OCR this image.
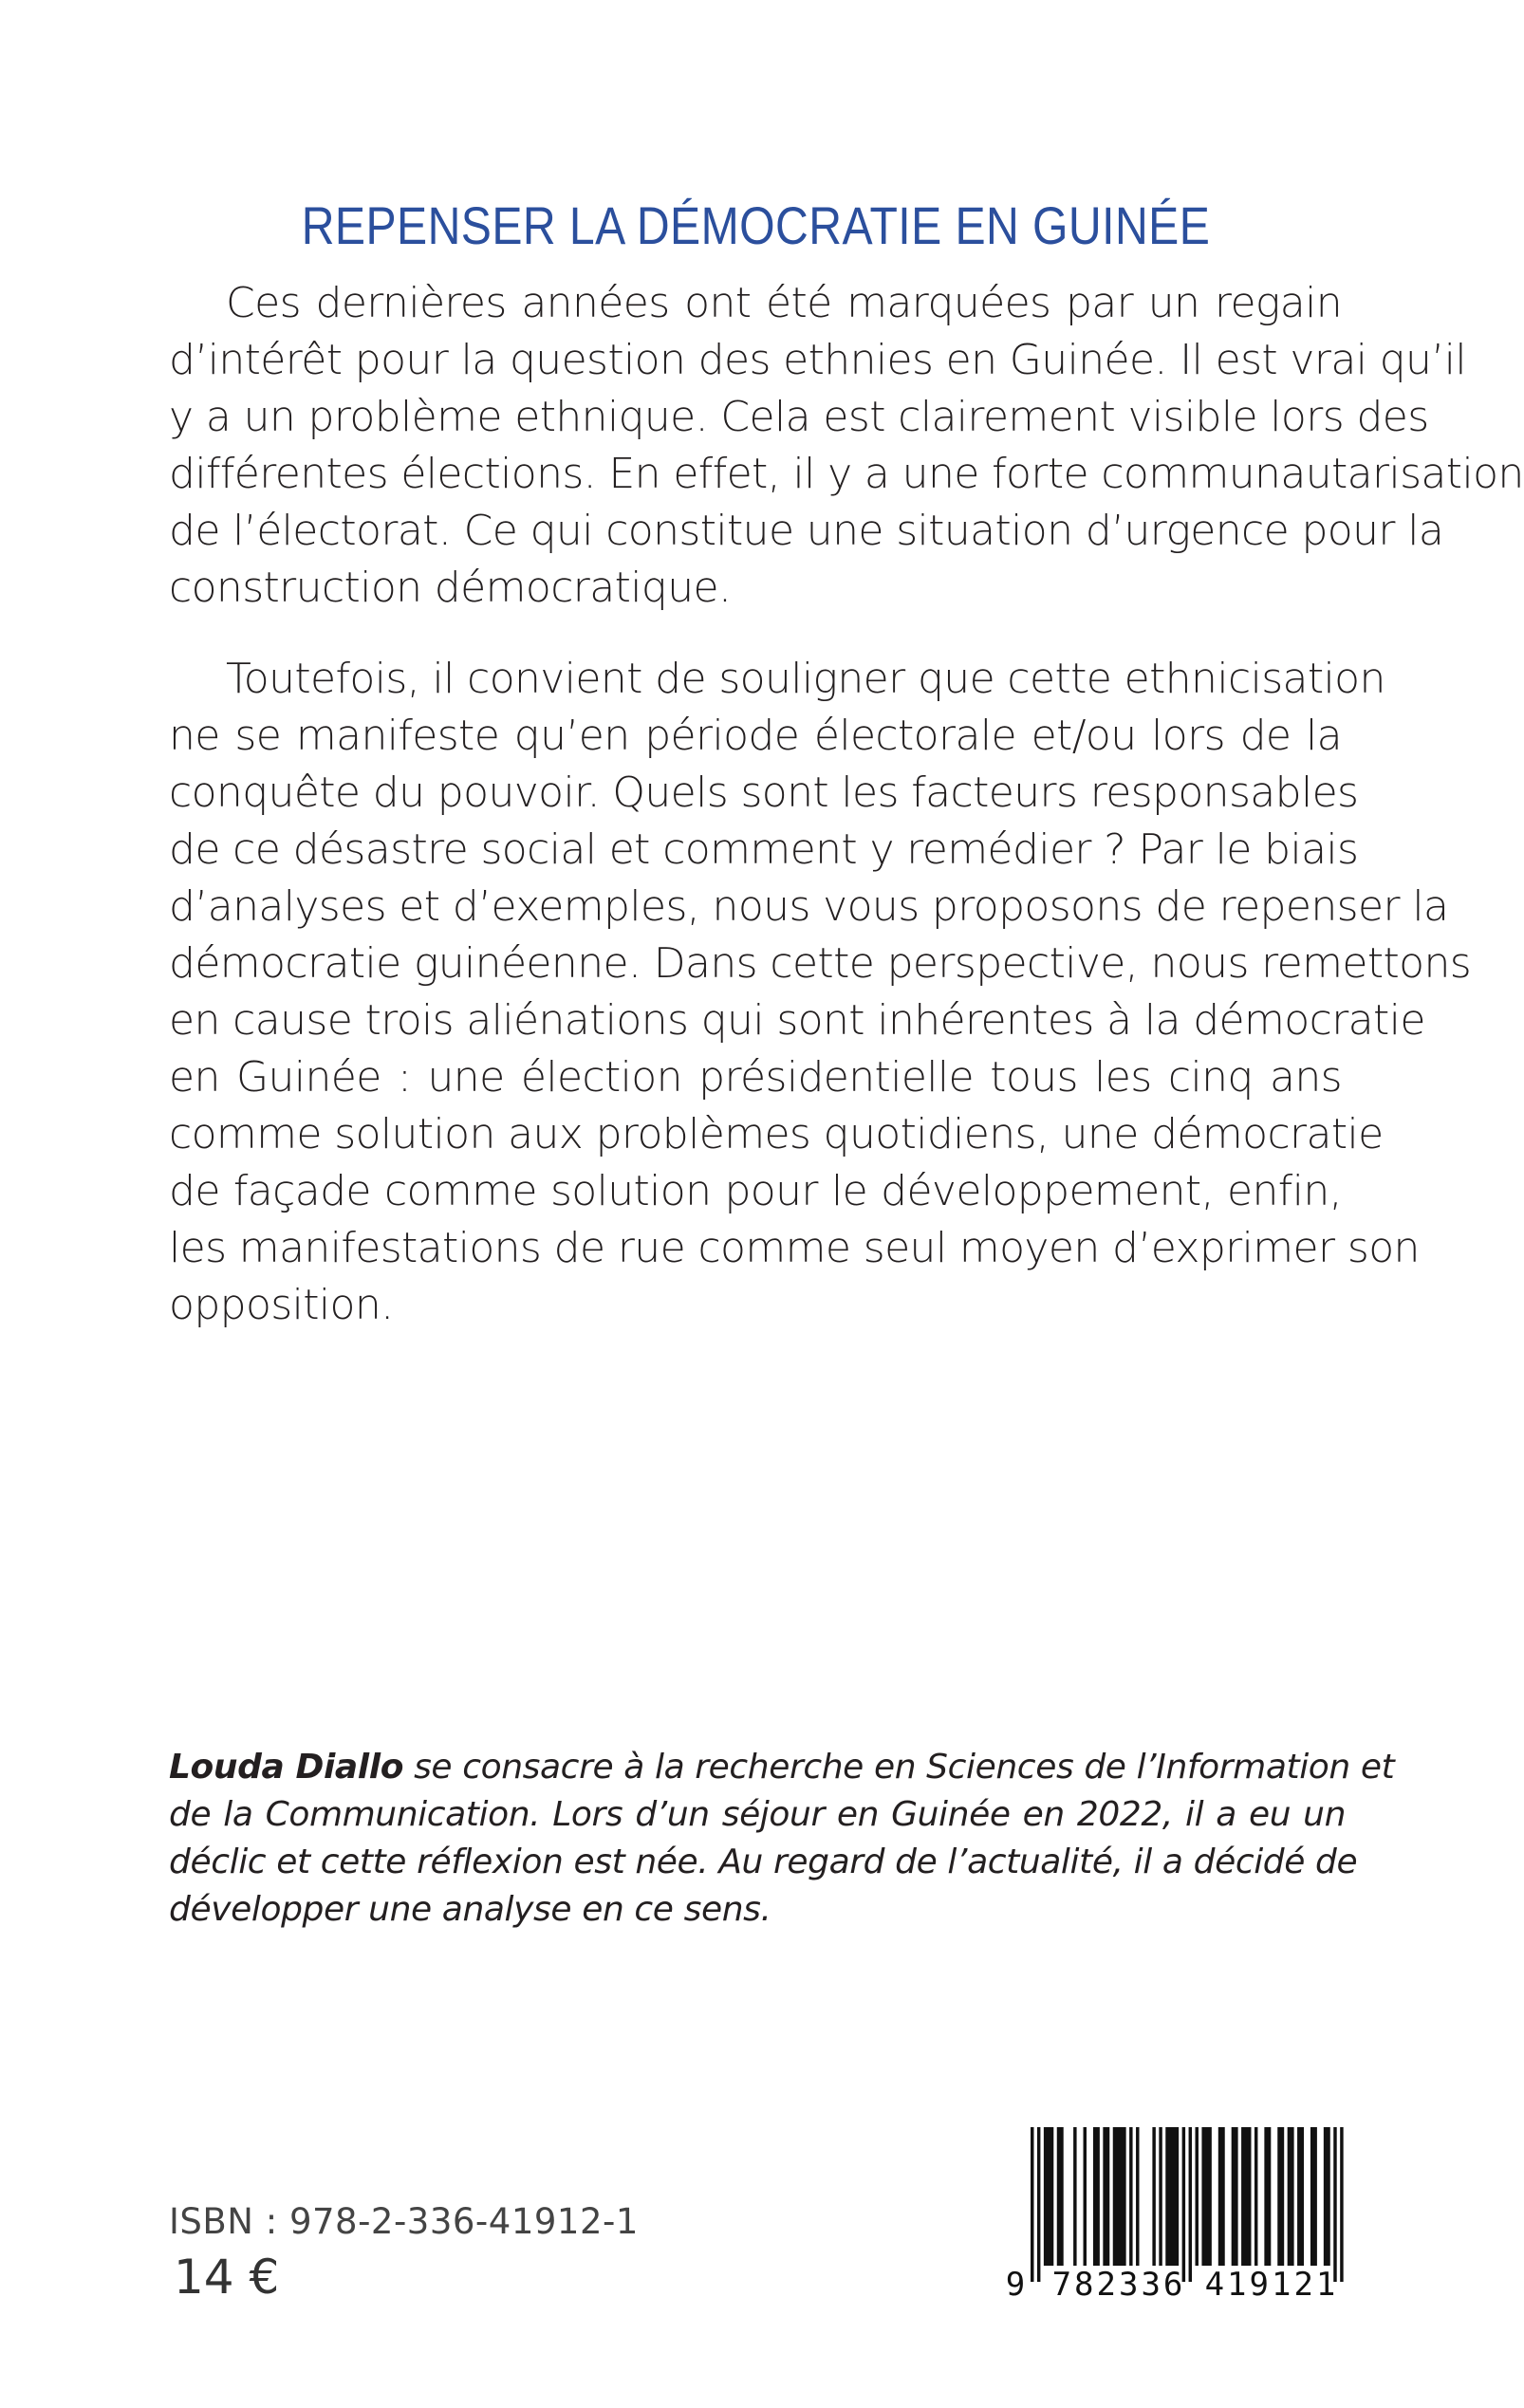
REPENSER LA DÉMOCRATIE EN GUINÉE
Ces dernières années ont été marquées par un regain
d’intérêt pour la question des ethnies en Guinée. Il est vrai qu’il
y a un problème ethnique. Cela est clairement visible lors des
différentes élections. En effet, il y a une forte communautarisation
de l’électorat. Ce qui constitue une situation d’urgence pour la
construction démocratique.
Toutefois, il convient de souligner que cette ethnicisation
ne se manifeste qu’en période électorale et/ou lors de la
conquête du pouvoir. Quels sont les facteurs responsables
de ce désastre social et comment y remédier ? Par le biais
d’analyses et d’exemples, nous vous proposons de repenser la
démocratie guinéenne. Dans cette perspective, nous remettons
en cause trois aliénations qui sont inhérentes à la démocratie
en Guinée : une élection présidentielle tous les cinq ans
comme solution aux problèmes quotidiens, une démocratie
de façade comme solution pour le développement, enfin,
les manifestations de rue comme seul moyen d’exprimer son
opposition.
Louda Diallo se consacre à la recherche en Sciences de l’Information et
de la Communication. Lors d’un séjour en Guinée en 2022, il a eu un
déclic et cette réflexion est née. Au regard de l’actualité, il a décidé de
développer une analyse en ce sens.
ISBN : 978-2-336-41912-1
14 €	9 782336 419121
